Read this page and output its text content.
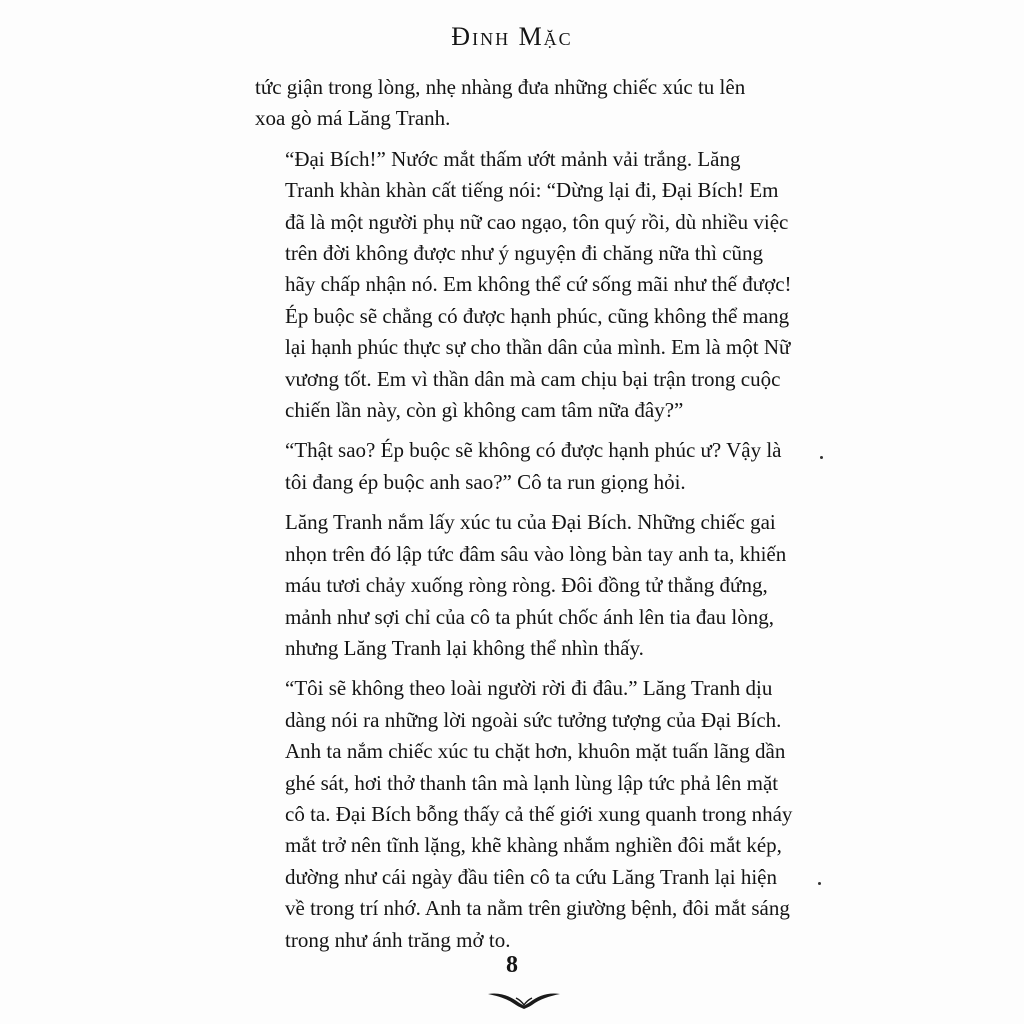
Đinh Mặc

tức giận trong lòng, nhẹ nhàng đưa những chiếc xúc tu lên
xoa gò má Lăng Tranh.

“Đại Bích!” Nước mắt thấm ướt mảnh vải trắng. Lăng
Tranh khàn khàn cất tiếng nói: “Dừng lại đi, Đại Bích! Em
đã là một người phụ nữ cao ngạo, tôn quý rồi, dù nhiều việc
trên đời không được như ý nguyện đi chăng nữa thì cũng
hãy chấp nhận nó. Em không thể cứ sống mãi như thế được!
Ép buộc sẽ chẳng có được hạnh phúc, cũng không thể mang
lại hạnh phúc thực sự cho thần dân của mình. Em là một Nữ
vương tốt. Em vì thần dân mà cam chịu bại trận trong cuộc
chiến lần này, còn gì không cam tâm nữa đây?”

“Thật sao? Ép buộc sẽ không có được hạnh phúc ư? Vậy là
tôi đang ép buộc anh sao?” Cô ta run giọng hỏi.

Lăng Tranh nắm lấy xúc tu của Đại Bích. Những chiếc gai
nhọn trên đó lập tức đâm sâu vào lòng bàn tay anh ta, khiến
máu tươi chảy xuống ròng ròng. Đôi đồng tử thẳng đứng,
mảnh như sợi chỉ của cô ta phút chốc ánh lên tia đau lòng,
nhưng Lăng Tranh lại không thể nhìn thấy.

“Tôi sẽ không theo loài người rời đi đâu.” Lăng Tranh dịu
dàng nói ra những lời ngoài sức tưởng tượng của Đại Bích.
Anh ta nắm chiếc xúc tu chặt hơn, khuôn mặt tuấn lãng dần
ghé sát, hơi thở thanh tân mà lạnh lùng lập tức phả lên mặt
cô ta. Đại Bích bỗng thấy cả thế giới xung quanh trong nháy
mắt trở nên tĩnh lặng, khẽ khàng nhắm nghiền đôi mắt kép,
dường như cái ngày đầu tiên cô ta cứu Lăng Tranh lại hiện
về trong trí nhớ. Anh ta nằm trên giường bệnh, đôi mắt sáng
trong như ánh trăng mở to.

8
